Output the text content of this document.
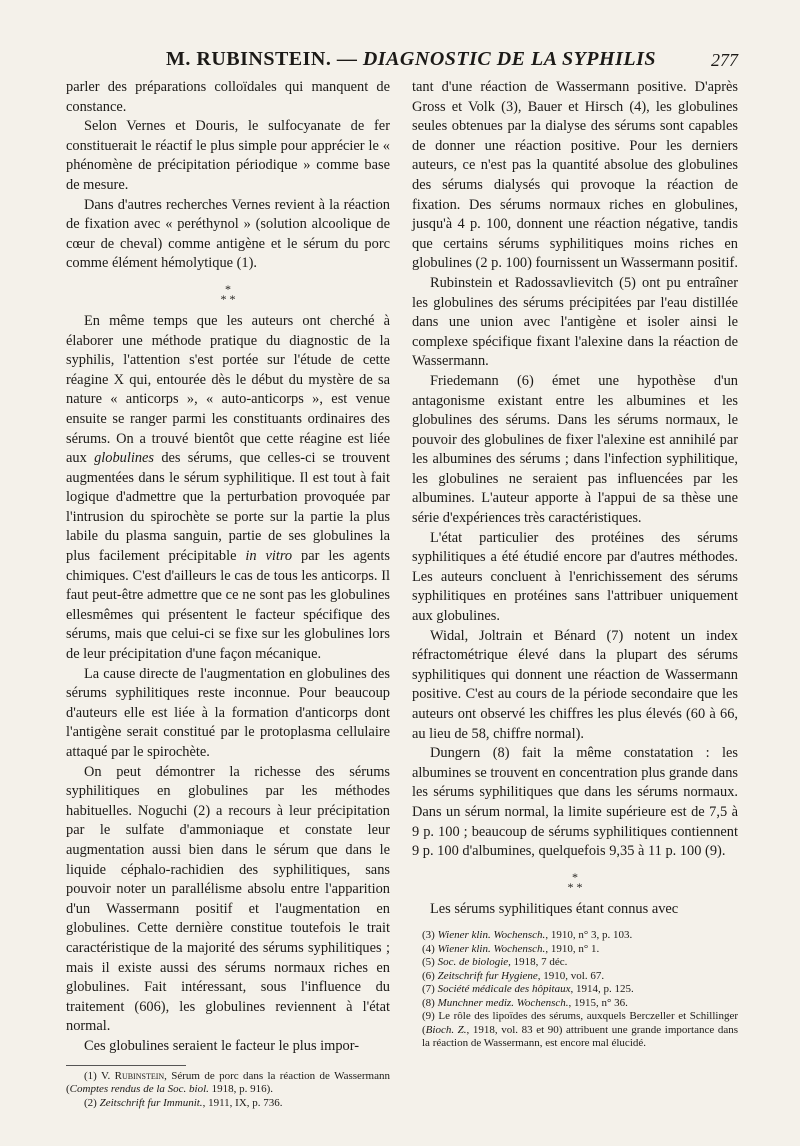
M. RUBINSTEIN. — DIAGNOSTIC DE LA SYPHILIS	277

parler des préparations colloïdales qui manquent de constance.

Selon Vernes et Douris, le sulfocyanate de fer constituerait le réactif le plus simple pour apprécier le « phénomène de précipitation périodique » comme base de mesure.

Dans d'autres recherches Vernes revient à la réaction de fixation avec « peréthynol » (solution alcoolique de cœur de cheval) comme antigène et le sérum du porc comme élément hémolytique (1).

*
* *

En même temps que les auteurs ont cherché à élaborer une méthode pratique du diagnostic de la syphilis, l'attention s'est portée sur l'étude de cette réagine X qui, entourée dès le début du mystère de sa nature « anticorps », « auto-anticorps », est venue ensuite se ranger parmi les constituants ordinaires des sérums. On a trouvé bientôt que cette réagine est liée aux globulines des sérums, que celles-ci se trouvent augmentées dans le sérum syphilitique. Il est tout à fait logique d'admettre que la perturbation provoquée par l'intrusion du spirochète se porte sur la partie la plus labile du plasma sanguin, partie de ses globulines la plus facilement précipitable in vitro par les agents chimiques. C'est d'ailleurs le cas de tous les anticorps. Il faut peut-être admettre que ce ne sont pas les globulines ellesmêmes qui présentent le facteur spécifique des sérums, mais que celui-ci se fixe sur les globulines lors de leur précipitation d'une façon mécanique.

La cause directe de l'augmentation en globulines des sérums syphilitiques reste inconnue. Pour beaucoup d'auteurs elle est liée à la formation d'anticorps dont l'antigène serait constitué par le protoplasma cellulaire attaqué par le spirochète.

On peut démontrer la richesse des sérums syphilitiques en globulines par les méthodes habituelles. Noguchi (2) a recours à leur précipitation par le sulfate d'ammoniaque et constate leur augmentation aussi bien dans le sérum que dans le liquide céphalo-rachidien des syphilitiques, sans pouvoir noter un parallélisme absolu entre l'apparition d'un Wassermann positif et l'augmentation en globulines. Cette dernière constitue toutefois le trait caractéristique de la majorité des sérums syphilitiques ; mais il existe aussi des sérums normaux riches en globulines. Fait intéressant, sous l'influence du traitement (606), les globulines reviennent à l'état normal.

Ces globulines seraient le facteur le plus impor-

(1) V. Rubinstein, Sérum de porc dans la réaction de Wassermann (Comptes rendus de la Soc. biol. 1918, p. 916).

(2) Zeitschrift fur Immunit., 1911, IX, p. 736.

tant d'une réaction de Wassermann positive. D'après Gross et Volk (3), Bauer et Hirsch (4), les globulines seules obtenues par la dialyse des sérums sont capables de donner une réaction positive. Pour les derniers auteurs, ce n'est pas la quantité absolue des globulines des sérums dialysés qui provoque la réaction de fixation. Des sérums normaux riches en globulines, jusqu'à 4 p. 100, donnent une réaction négative, tandis que certains sérums syphilitiques moins riches en globulines (2 p. 100) fournissent un Wassermann positif.

Rubinstein et Radossavlievitch (5) ont pu entraîner les globulines des sérums précipitées par l'eau distillée dans une union avec l'antigène et isoler ainsi le complexe spécifique fixant l'alexine dans la réaction de Wassermann.

Friedemann (6) émet une hypothèse d'un antagonisme existant entre les albumines et les globulines des sérums. Dans les sérums normaux, le pouvoir des globulines de fixer l'alexine est annihilé par les albumines des sérums ; dans l'infection syphilitique, les globulines ne seraient pas influencées par les albumines. L'auteur apporte à l'appui de sa thèse une série d'expériences très caractéristiques.

L'état particulier des protéines des sérums syphilitiques a été étudié encore par d'autres méthodes. Les auteurs concluent à l'enrichissement des sérums syphilitiques en protéines sans l'attribuer uniquement aux globulines.

Widal, Joltrain et Bénard (7) notent un index réfractométrique élevé dans la plupart des sérums syphilitiques qui donnent une réaction de Wassermann positive. C'est au cours de la période secondaire que les auteurs ont observé les chiffres les plus élevés (60 à 66, au lieu de 58, chiffre normal).

Dungern (8) fait la même constatation : les albumines se trouvent en concentration plus grande dans les sérums syphilitiques que dans les sérums normaux. Dans un sérum normal, la limite supérieure est de 7,5 à 9 p. 100 ; beaucoup de sérums syphilitiques contiennent 9 p. 100 d'albumines, quelquefois 9,35 à 11 p. 100 (9).

*
* *

Les sérums syphilitiques étant connus avec

(3) Wiener klin. Wochensch., 1910, n° 3, p. 103.
(4) Wiener klin. Wochensch., 1910, n° 1.
(5) Soc. de biologie, 1918, 7 déc.
(6) Zeitschrift fur Hygiene, 1910, vol. 67.
(7) Société médicale des hôpitaux, 1914, p. 125.
(8) Munchner mediz. Wochensch., 1915, n° 36.
(9) Le rôle des lipoïdes des sérums, auxquels Berczeller et Schillinger (Bioch. Z., 1918, vol. 83 et 90) attribuent une grande importance dans la réaction de Wassermann, est encore mal élucidé.
